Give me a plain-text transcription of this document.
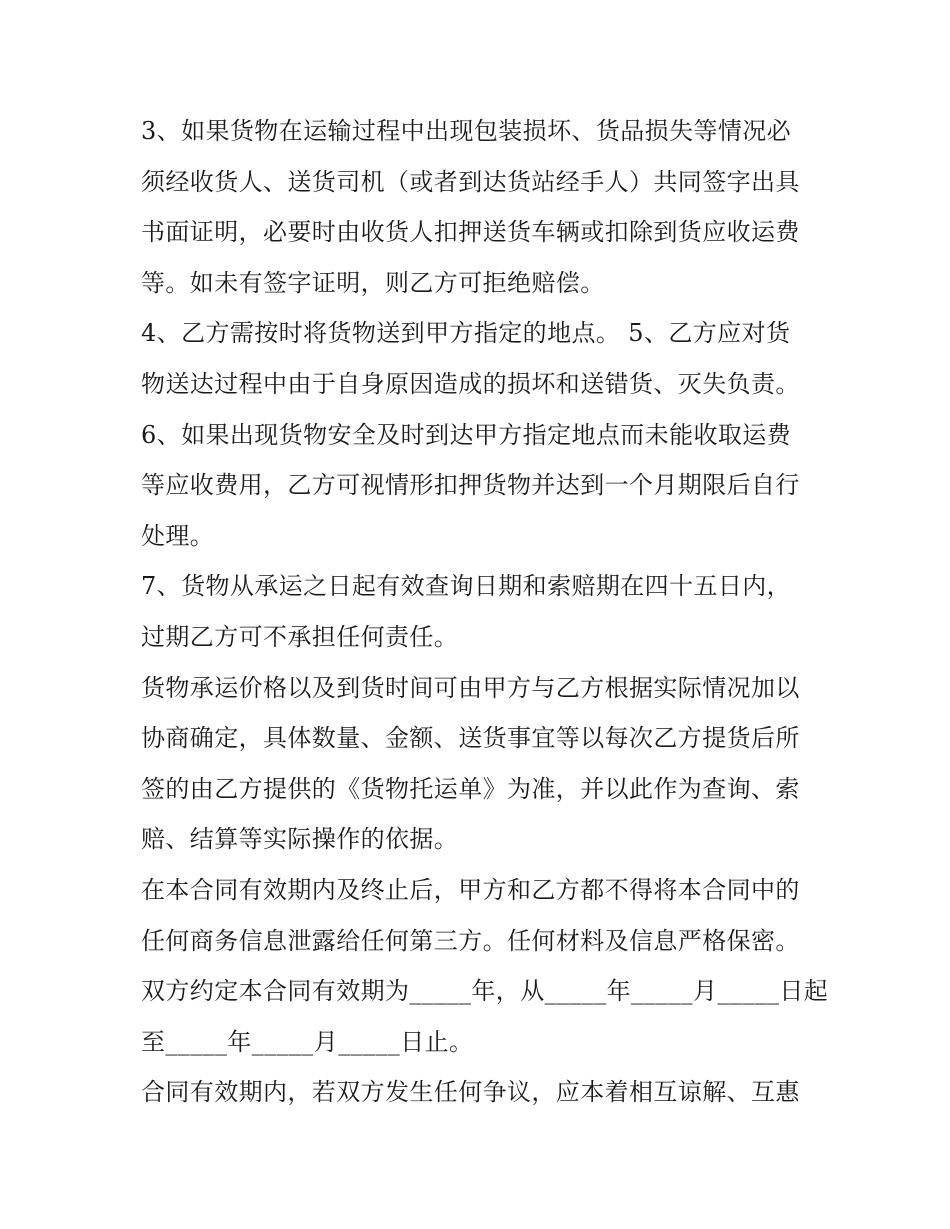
3、如果货物在运输过程中出现包装损坏、货品损失等情况必
须经收货人、送货司机（或者到达货站经手人）共同签字出具
书面证明，必要时由收货人扣押送货车辆或扣除到货应收运费
等。如未有签字证明，则乙方可拒绝赔偿。
4、乙方需按时将货物送到甲方指定的地点。 5、乙方应对货
物送达过程中由于自身原因造成的损坏和送错货、灭失负责。
6、如果出现货物安全及时到达甲方指定地点而未能收取运费
等应收费用，乙方可视情形扣押货物并达到一个月期限后自行
处理。
7、货物从承运之日起有效查询日期和索赔期在四十五日内，
过期乙方可不承担任何责任。
货物承运价格以及到货时间可由甲方与乙方根据实际情况加以
协商确定，具体数量、金额、送货事宜等以每次乙方提货后所
签的由乙方提供的《货物托运单》为准，并以此作为查询、索
赔、结算等实际操作的依据。
在本合同有效期内及终止后，甲方和乙方都不得将本合同中的
任何商务信息泄露给任何第三方。任何材料及信息严格保密。
双方约定本合同有效期为_____年，从_____年_____月_____日起
至_____年_____月_____日止。
合同有效期内，若双方发生任何争议，应本着相互谅解、互惠
